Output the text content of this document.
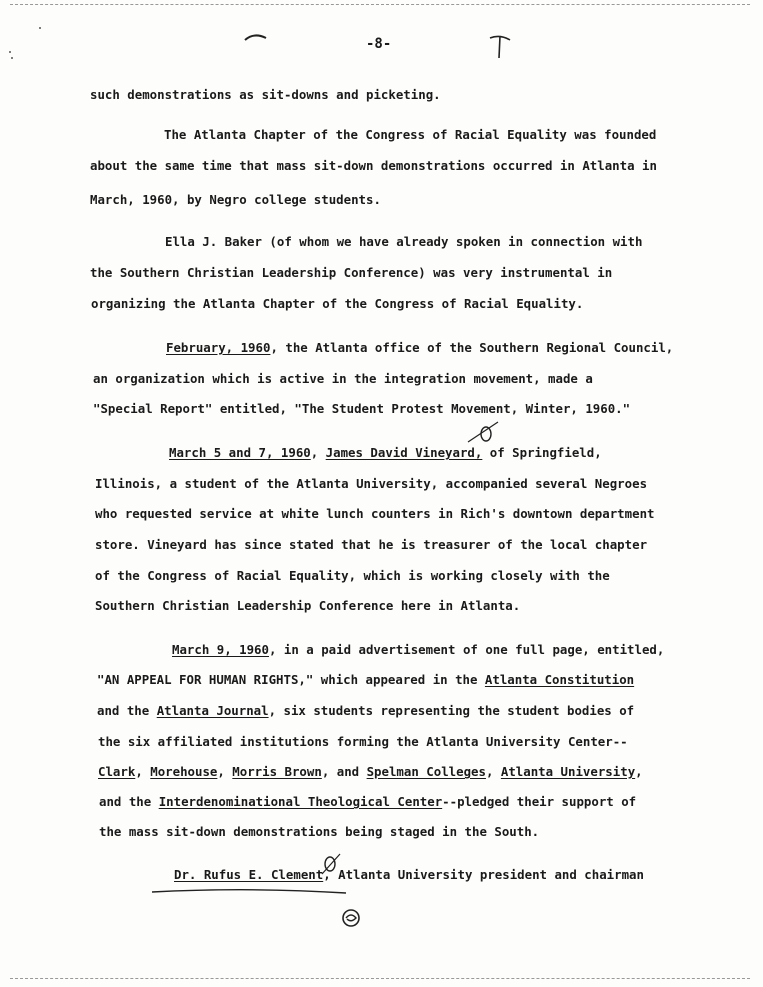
-8-
such demonstrations as sit-downs and picketing.
The Atlanta Chapter of the Congress of Racial Equality was founded
about the same time that mass sit-down demonstrations occurred in Atlanta in
March, 1960, by Negro college students.
Ella J. Baker (of whom we have already spoken in connection with
the Southern Christian Leadership Conference) was very instrumental in
organizing the Atlanta Chapter of the Congress of Racial Equality.
February, 1960, the Atlanta office of the Southern Regional Council,
an organization which is active in the integration movement, made a
"Special Report" entitled, "The Student Protest Movement, Winter, 1960."
March 5 and 7, 1960, James David Vineyard, of Springfield,
Illinois, a student of the Atlanta University, accompanied several Negroes
who requested service at white lunch counters in Rich's downtown department
store. Vineyard has since stated that he is treasurer of the local chapter
of the Congress of Racial Equality, which is working closely with the
Southern Christian Leadership Conference here in Atlanta.
March 9, 1960, in a paid advertisement of one full page, entitled,
"AN APPEAL FOR HUMAN RIGHTS," which appeared in the Atlanta Constitution
and the Atlanta Journal, six students representing the student bodies of
the six affiliated institutions forming the Atlanta University Center--
Clark, Morehouse, Morris Brown, and Spelman Colleges, Atlanta University,
and the Interdenominational Theological Center--pledged their support of
the mass sit-down demonstrations being staged in the South.
Dr. Rufus E. Clement, Atlanta University president and chairman
